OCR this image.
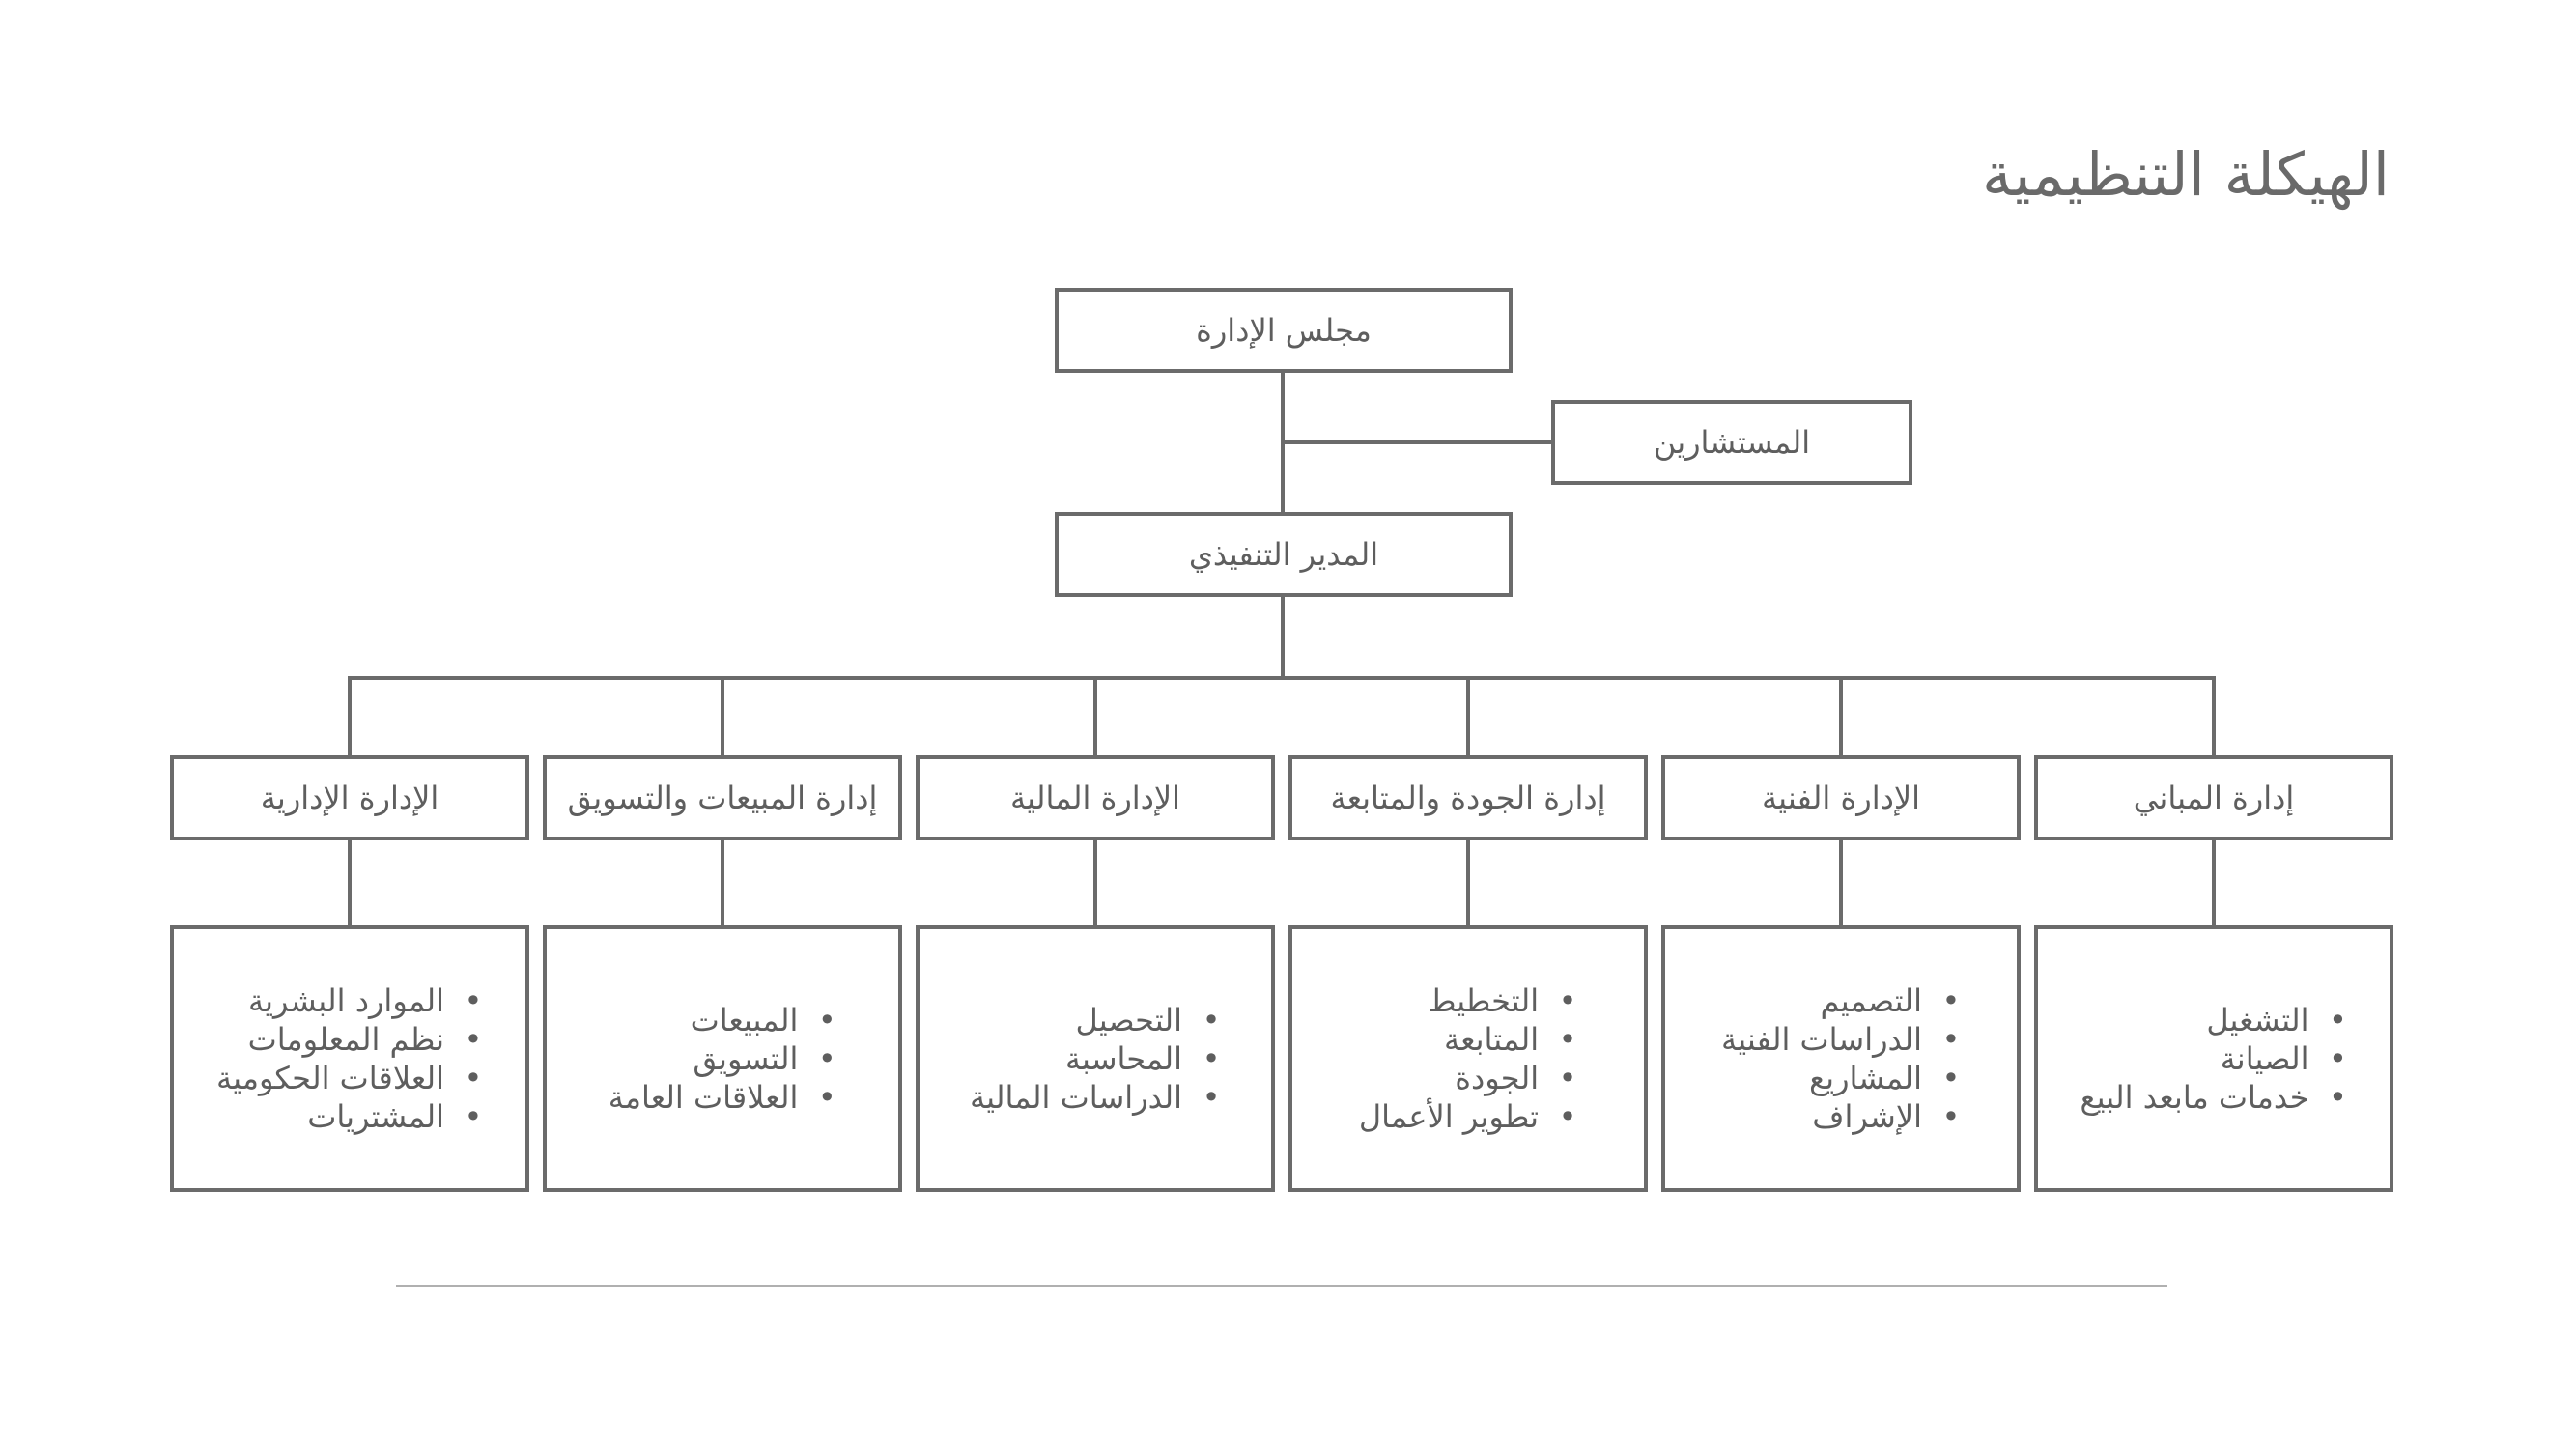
الهيكلة التنظيمية
مجلس الإدارة
المستشارين
المدير التنفيذي
إدارة المباني
الإدارة الفنية
إدارة الجودة والمتابعة
الإدارة المالية
إدارة المبيعات والتسويق
الإدارة الإدارية
•
التشغيل
•
الصيانة
•
خدمات مابعد البيع
•
التصميم
•
الدراسات الفنية
•
المشاريع
•
الإشراف
•
التخطيط
•
المتابعة
•
الجودة
•
تطوير الأعمال
•
التحصيل
•
المحاسبة
•
الدراسات المالية
•
المبيعات
•
التسويق
•
العلاقات العامة
•
الموارد البشرية
•
نظم المعلومات
•
العلاقات الحكومية
•
المشتريات
